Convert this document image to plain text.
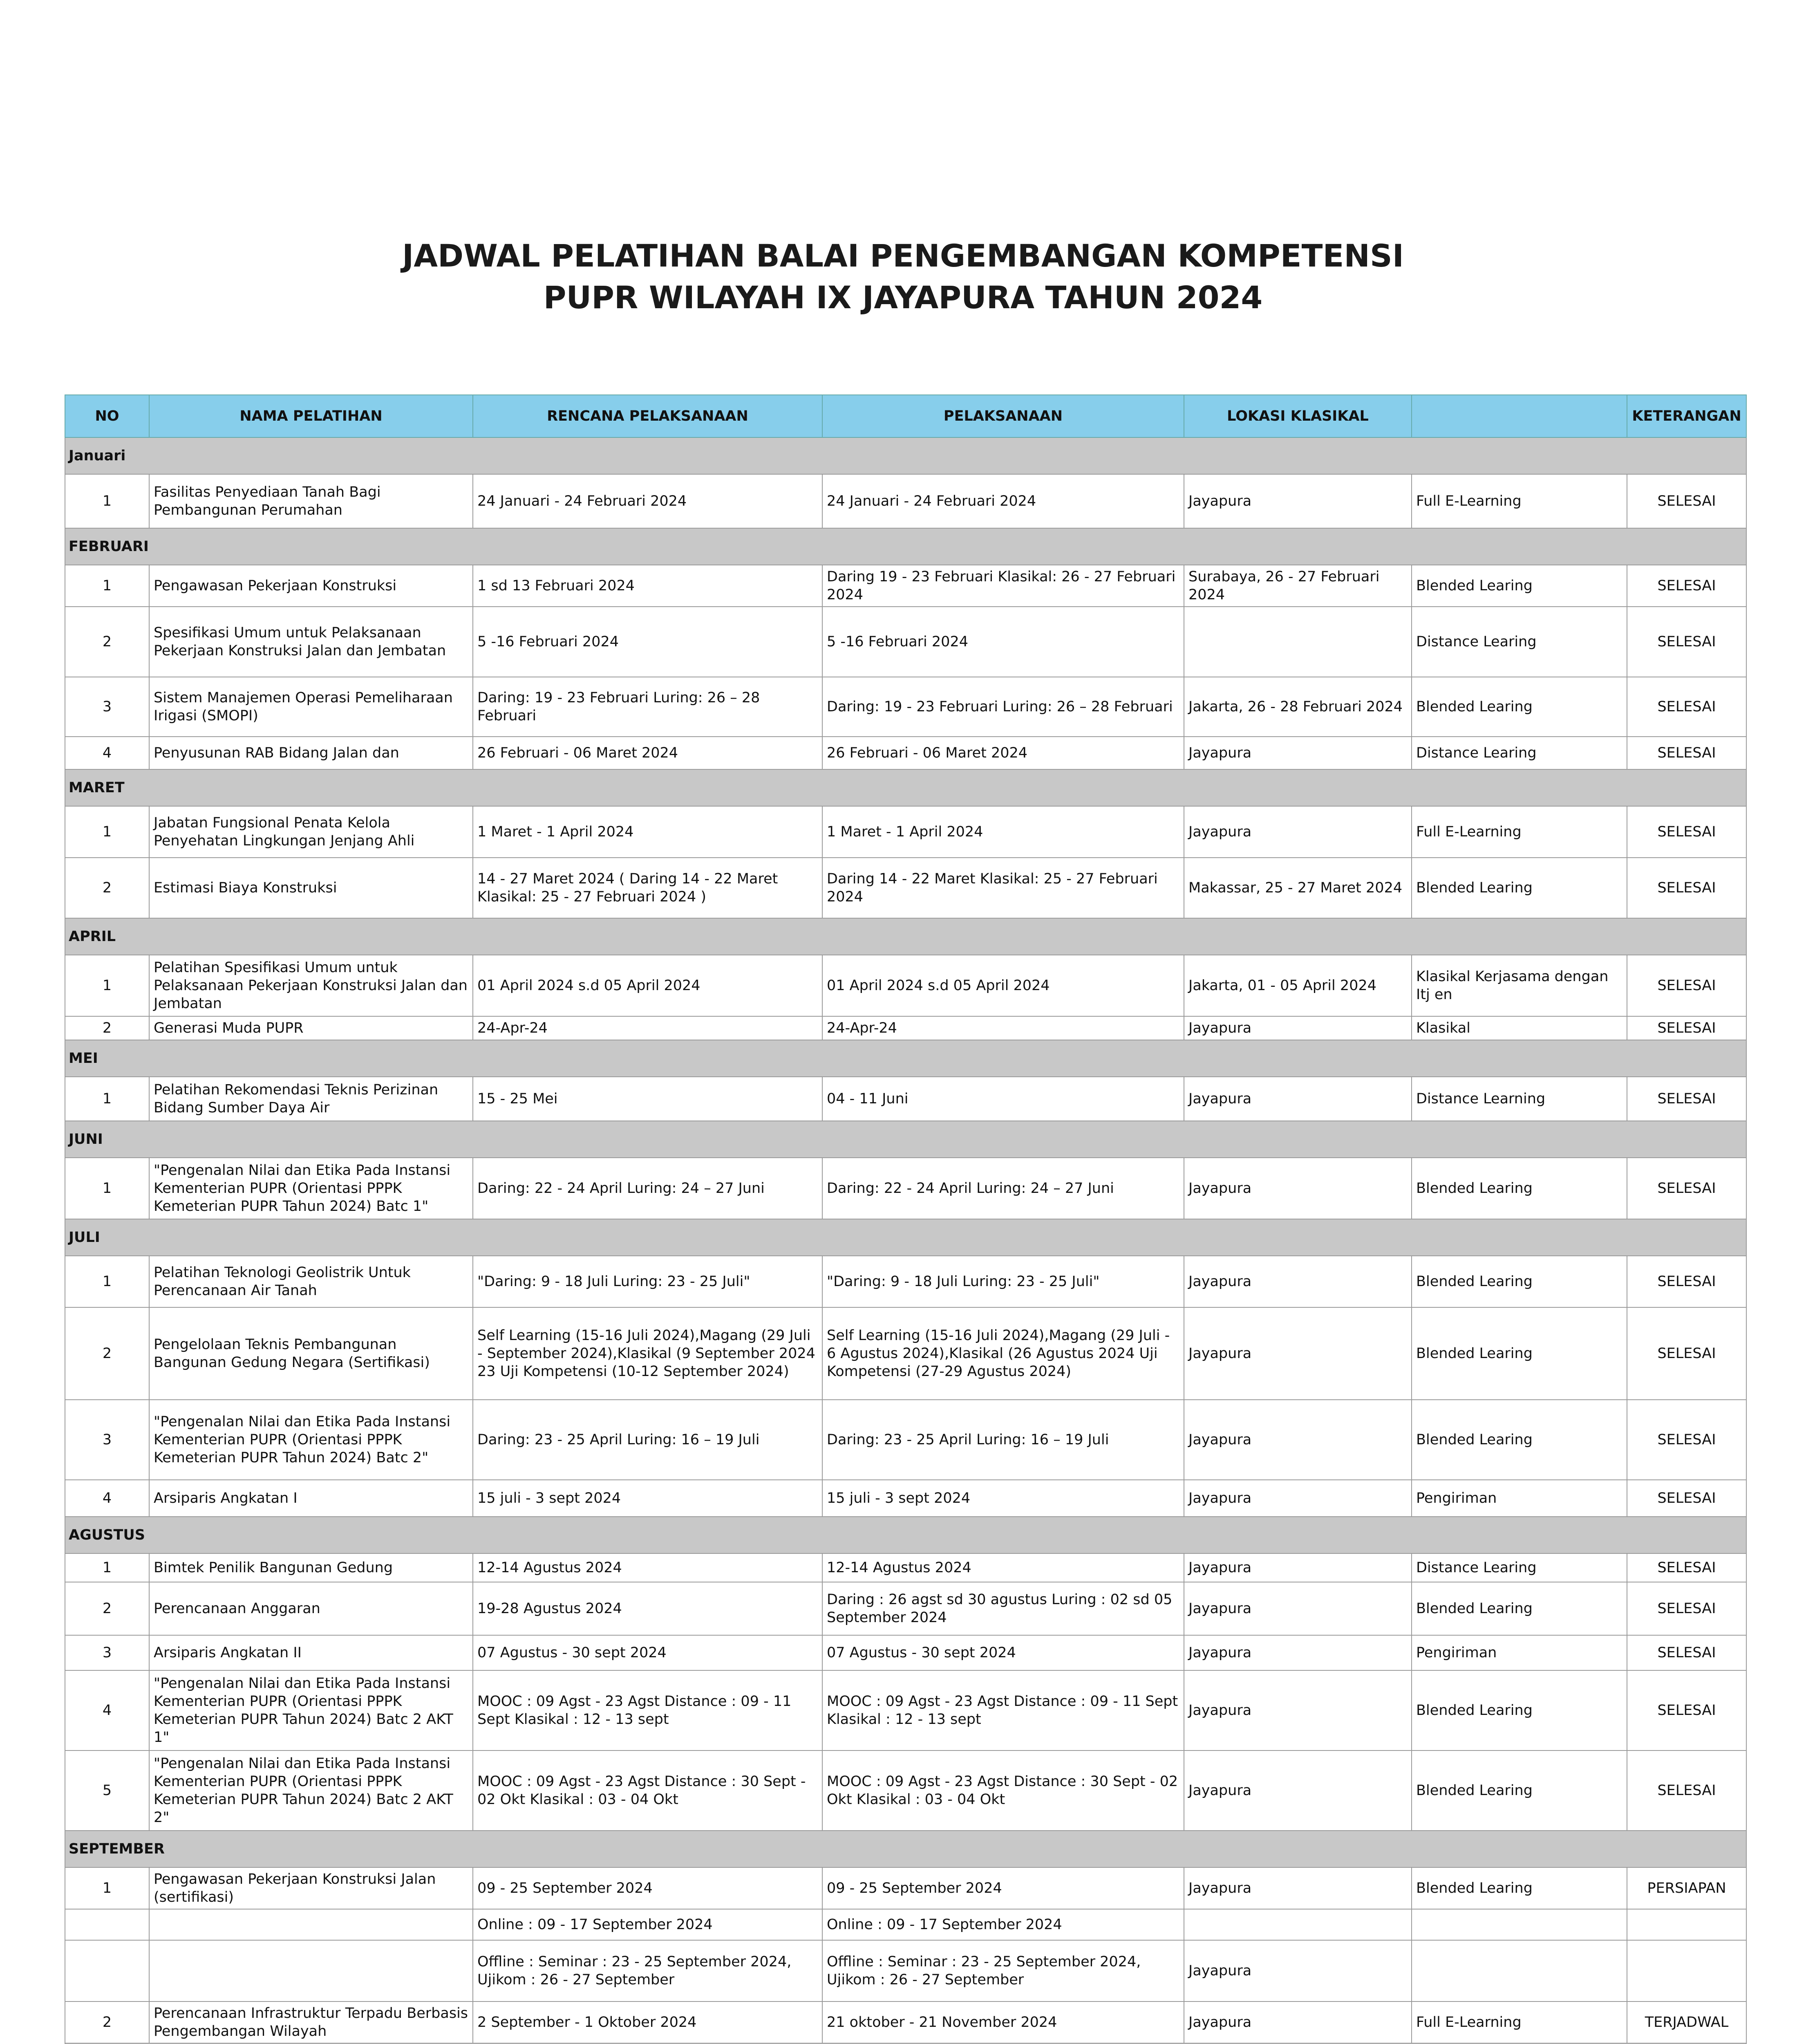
JADWAL PELATIHAN BALAI PENGEMBANGAN KOMPETENSI
PUPR WILAYAH IX JAYAPURA TAHUN 2024
NO	NAMA PELATIHAN	RENCANA PELAKSANAAN	PELAKSANAAN	LOKASI KLASIKAL		KETERANGAN
Januari						
1	Fasilitas Penyediaan Tanah Bagi Pembangunan Perumahan	24 Januari - 24 Februari 2024	24 Januari - 24 Februari 2024	Jayapura	Full E-Learning	SELESAI
FEBRUARI						
1	Pengawasan Pekerjaan Konstruksi	1 sd 13 Februari 2024	Daring 19 - 23 Februari Klasikal: 26 - 27 Februari 2024	Surabaya, 26 - 27 Februari 2024	Blended Learing	SELESAI
2	Spesifikasi Umum untuk Pelaksanaan Pekerjaan Konstruksi Jalan dan Jembatan	5 -16 Februari 2024	5 -16 Februari 2024		Distance Learing	SELESAI
3	Sistem Manajemen Operasi Pemeliharaan Irigasi (SMOPI)	Daring: 19 - 23 Februari Luring: 26 – 28 Februari	Daring: 19 - 23 Februari Luring: 26 – 28 Februari	Jakarta, 26 - 28 Februari 2024	Blended Learing	SELESAI
4	Penyusunan RAB Bidang Jalan dan	26 Februari - 06 Maret 2024	26 Februari - 06 Maret 2024	Jayapura	Distance Learing	SELESAI
MARET						
1	Jabatan Fungsional Penata Kelola Penyehatan Lingkungan Jenjang Ahli	1 Maret - 1 April 2024	1 Maret - 1 April 2024	Jayapura	Full E-Learning	SELESAI
2	Estimasi Biaya Konstruksi	14 - 27 Maret 2024 ( Daring 14 - 22 Maret Klasikal: 25 - 27 Februari 2024 )	Daring 14 - 22 Maret Klasikal: 25 - 27 Februari 2024	Makassar, 25 - 27 Maret 2024	Blended Learing	SELESAI
APRIL						
1	Pelatihan Spesifikasi Umum untuk Pelaksanaan Pekerjaan Konstruksi Jalan dan Jembatan	01 April 2024 s.d 05 April 2024	01 April 2024 s.d 05 April 2024	Jakarta, 01 - 05 April 2024	Klasikal Kerjasama dengan Itj en	SELESAI
2	Generasi Muda PUPR	24-Apr-24	24-Apr-24	Jayapura	Klasikal	SELESAI
MEI						
1	Pelatihan Rekomendasi Teknis Perizinan Bidang Sumber Daya Air	15 - 25 Mei	04 - 11 Juni	Jayapura	Distance Learning	SELESAI
JUNI						
1	"Pengenalan Nilai dan Etika Pada Instansi Kementerian PUPR (Orientasi PPPK Kemeterian PUPR Tahun 2024) Batc 1"	Daring: 22 - 24 April Luring: 24 – 27 Juni	Daring: 22 - 24 April Luring: 24 – 27 Juni	Jayapura	Blended Learing	SELESAI
JULI						
1	Pelatihan Teknologi Geolistrik Untuk Perencanaan Air Tanah	"Daring: 9 - 18 Juli Luring: 23 - 25 Juli"	"Daring: 9 - 18 Juli Luring: 23 - 25 Juli"	Jayapura	Blended Learing	SELESAI
2	Pengelolaan Teknis Pembangunan Bangunan Gedung Negara (Sertifikasi)	Self Learning (15-16 Juli 2024),Magang (29 Juli - September 2024),Klasikal (9 September 2024 23 Uji Kompetensi (10-12 September 2024)	Self Learning (15-16 Juli 2024),Magang (29 Juli - 6 Agustus 2024),Klasikal (26 Agustus 2024 Uji Kompetensi (27-29 Agustus 2024)	Jayapura	Blended Learing	SELESAI
3	"Pengenalan Nilai dan Etika Pada Instansi Kementerian PUPR (Orientasi PPPK Kemeterian PUPR Tahun 2024) Batc 2"	Daring: 23 - 25 April Luring: 16 – 19 Juli	Daring: 23 - 25 April Luring: 16 – 19 Juli	Jayapura	Blended Learing	SELESAI
4	Arsiparis Angkatan I	15 juli - 3 sept 2024	15 juli - 3 sept 2024	Jayapura	Pengiriman	SELESAI
AGUSTUS						
1	Bimtek Penilik Bangunan Gedung	12-14 Agustus 2024	12-14 Agustus 2024	Jayapura	Distance Learing	SELESAI
2	Perencanaan Anggaran	19-28 Agustus 2024	Daring : 26 agst sd 30 agustus Luring : 02 sd 05 September 2024	Jayapura	Blended Learing	SELESAI
3	Arsiparis Angkatan II	07 Agustus - 30 sept 2024	07 Agustus - 30 sept 2024	Jayapura	Pengiriman	SELESAI
4	"Pengenalan Nilai dan Etika Pada Instansi Kementerian PUPR (Orientasi PPPK Kemeterian PUPR Tahun 2024) Batc 2 AKT 1"	MOOC : 09 Agst - 23 Agst Distance : 09 - 11 Sept Klasikal : 12 - 13 sept	MOOC : 09 Agst - 23 Agst Distance : 09 - 11 Sept Klasikal : 12 - 13 sept	Jayapura	Blended Learing	SELESAI
5	"Pengenalan Nilai dan Etika Pada Instansi Kementerian PUPR (Orientasi PPPK Kemeterian PUPR Tahun 2024) Batc 2 AKT 2"	MOOC : 09 Agst - 23 Agst Distance : 30 Sept - 02 Okt Klasikal : 03 - 04 Okt	MOOC : 09 Agst - 23 Agst Distance : 30 Sept - 02 Okt Klasikal : 03 - 04 Okt	Jayapura	Blended Learing	SELESAI
SEPTEMBER						
1	Pengawasan Pekerjaan Konstruksi Jalan (sertifikasi)	09 - 25 September 2024	09 - 25 September 2024	Jayapura	Blended Learing	PERSIAPAN
		Online : 09 - 17 September 2024	Online : 09 - 17 September 2024			
		Offline : Seminar : 23 - 25 September 2024, Ujikom : 26 - 27 September	Offline : Seminar : 23 - 25 September 2024, Ujikom : 26 - 27 September	Jayapura		
2	Perencanaan Infrastruktur Terpadu Berbasis Pengembangan Wilayah	2 September - 1 Oktober 2024	21 oktober - 21 November 2024	Jayapura	Full E-Learning	TERJADWAL
